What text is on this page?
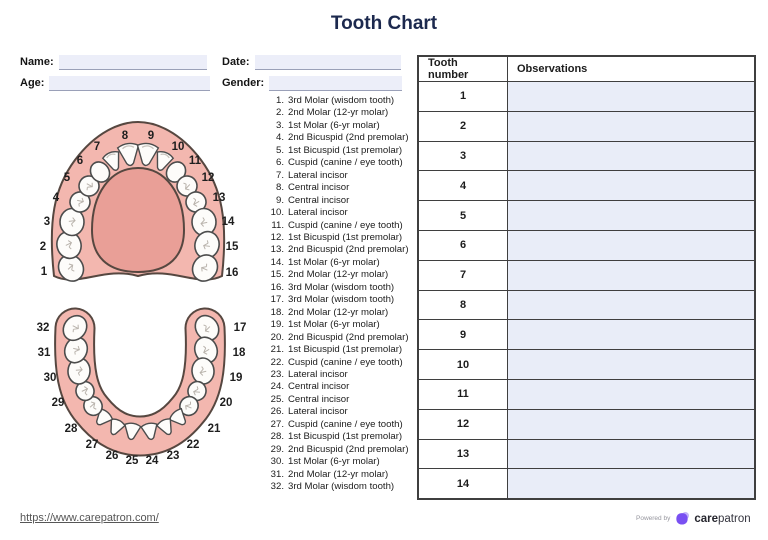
Tooth Chart
Name:	Date:
Age:	Gender:
1
2
3
4
5
6
7
8 9
10
11
12
13
14
15
16
17
18
19
20
21
22
23
24
25
26
27
28
29
30
31
32
1. 3rd Molar (wisdom tooth)
2. 2nd Molar (12-yr molar)
3. 1st Molar (6-yr molar)
4. 2nd Bicuspid (2nd premolar)
5. 1st Bicuspid (1st premolar)
6. Cuspid (canine / eye tooth)
7. Lateral incisor
8. Central incisor
9. Central incisor
10. Lateral incisor
11. Cuspid (canine / eye tooth)
12. 1st Bicuspid (1st premolar)
13. 2nd Bicuspid (2nd premolar)
14. 1st Molar (6-yr molar)
15. 2nd Molar (12-yr molar)
16. 3rd Molar (wisdom tooth)
17. 3rd Molar (wisdom tooth)
18. 2nd Molar (12-yr molar)
19. 1st Molar (6-yr molar)
20. 2nd Bicuspid (2nd premolar)
21. 1st Bicuspid (1st premolar)
22. Cuspid (canine / eye tooth)
23. Lateral incisor
24. Central incisor
25. Central incisor
26. Lateral incisor
27. Cuspid (canine / eye tooth)
28. 1st Bicuspid (1st premolar)
29. 2nd Bicuspid (2nd premolar)
30. 1st Molar (6-yr molar)
31. 2nd Molar (12-yr molar)
32. 3rd Molar (wisdom tooth)
Tooth number	Observations
1	
2	
3	
4	
5	
6	
7	
8	
9	
10	
11	
12	
13	
14	
https://www.carepatron.com/	Powered by carepatron
